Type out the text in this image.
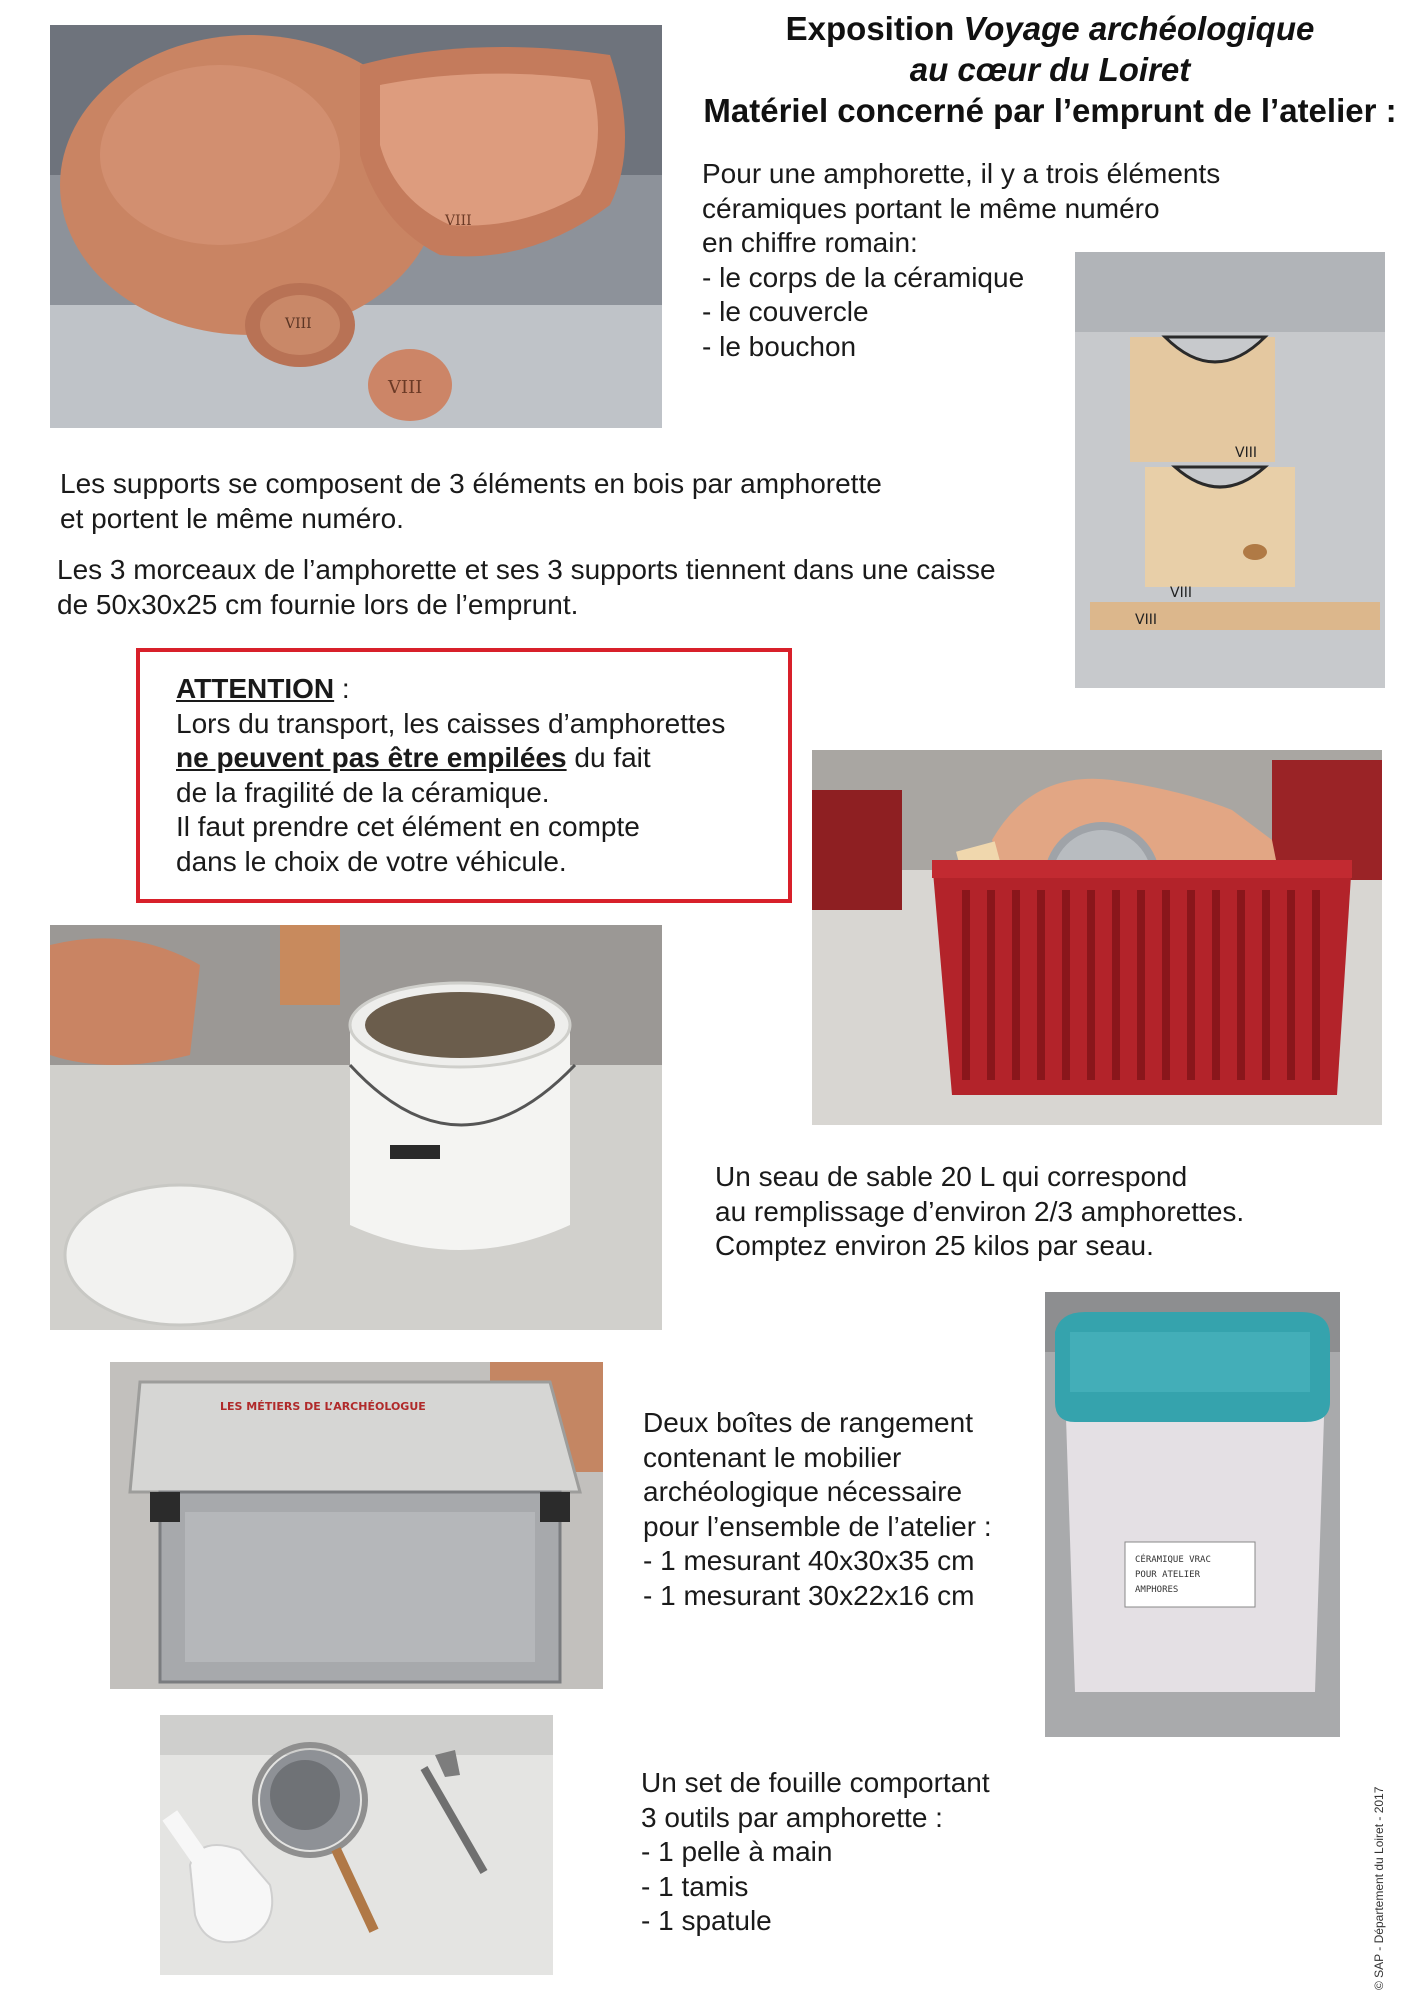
Exposition Voyage archéologique
au cœur du Loiret
Matériel concerné par l’emprunt de l’atelier :
VIII
VIII
VIII
Pour une amphorette, il y a trois éléments
céramiques portant le même numéro
en chiffre romain:
- le corps de la céramique
- le couvercle
- le bouchon
VIII
VIII
VIII
Les supports se composent de 3 éléments en bois par amphorette
et portent le même numéro.
Les 3 morceaux de l’amphorette et ses 3 supports tiennent dans une caisse
de 50x30x25 cm fournie lors de l’emprunt.
ATTENTION :
Lors du transport, les caisses d’amphorettes
ne peuvent pas être empilées du fait
de la fragilité de la céramique.
Il faut prendre cet élément en compte
dans le choix de votre véhicule.
Un seau de sable 20 L qui correspond
au remplissage d’environ 2/3 amphorettes.
Comptez environ 25 kilos par seau.
LES MÉTIERS DE L’ARCHÉOLOGUE
CÉRAMIQUE VRAC
POUR ATELIER
AMPHORES
Deux boîtes de rangement
contenant le mobilier
archéologique nécessaire
pour l’ensemble de l’atelier :
- 1 mesurant 40x30x35 cm
- 1 mesurant 30x22x16 cm
Un set de fouille comportant
3 outils par amphorette :
- 1 pelle à main
- 1 tamis
- 1 spatule	© SAP - Département du Loiret - 2017
